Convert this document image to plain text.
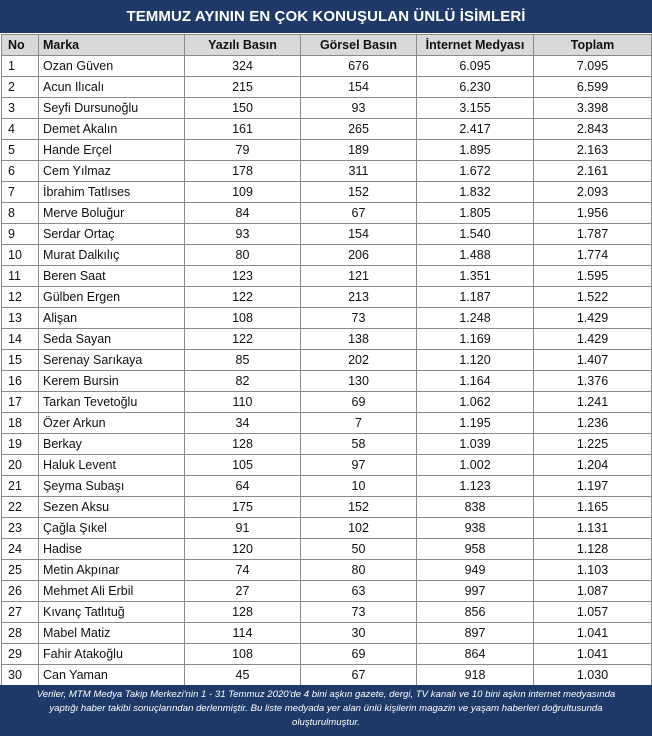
TEMMUZ AYININ EN ÇOK KONUŞULAN ÜNLÜ İSİMLERİ
No	Marka	Yazılı Basın	Görsel Basın	İnternet Medyası	Toplam
1	Ozan Güven	324	676	6.095	7.095
2	Acun Ilıcalı	215	154	6.230	6.599
3	Seyfi Dursunoğlu	150	93	3.155	3.398
4	Demet Akalın	161	265	2.417	2.843
5	Hande Erçel	79	189	1.895	2.163
6	Cem Yılmaz	178	311	1.672	2.161
7	İbrahim Tatlıses	109	152	1.832	2.093
8	Merve Boluğur	84	67	1.805	1.956
9	Serdar Ortaç	93	154	1.540	1.787
10	Murat Dalkılıç	80	206	1.488	1.774
11	Beren Saat	123	121	1.351	1.595
12	Gülben Ergen	122	213	1.187	1.522
13	Alişan	108	73	1.248	1.429
14	Seda Sayan	122	138	1.169	1.429
15	Serenay Sarıkaya	85	202	1.120	1.407
16	Kerem Bursin	82	130	1.164	1.376
17	Tarkan Tevetoğlu	110	69	1.062	1.241
18	Özer Arkun	34	7	1.195	1.236
19	Berkay	128	58	1.039	1.225
20	Haluk Levent	105	97	1.002	1.204
21	Şeyma Subaşı	64	10	1.123	1.197
22	Sezen Aksu	175	152	838	1.165
23	Çağla Şıkel	91	102	938	1.131
24	Hadise	120	50	958	1.128
25	Metin Akpınar	74	80	949	1.103
26	Mehmet Ali Erbil	27	63	997	1.087
27	Kıvanç Tatlıtuğ	128	73	856	1.057
28	Mabel Matiz	114	30	897	1.041
29	Fahir Atakoğlu	108	69	864	1.041
30	Can Yaman	45	67	918	1.030
Veriler, MTM Medya Takip Merkezi'nin 1 - 31 Temmuz 2020'de 4 bini aşkın gazete, dergi, TV kanalı ve 10 bini aşkın internet medyasında
yaptığı haber takibi sonuçlarından derlenmiştir. Bu liste medyada yer alan ünlü kişilerin magazin ve yaşam haberleri doğrultusunda
oluşturulmuştur.
